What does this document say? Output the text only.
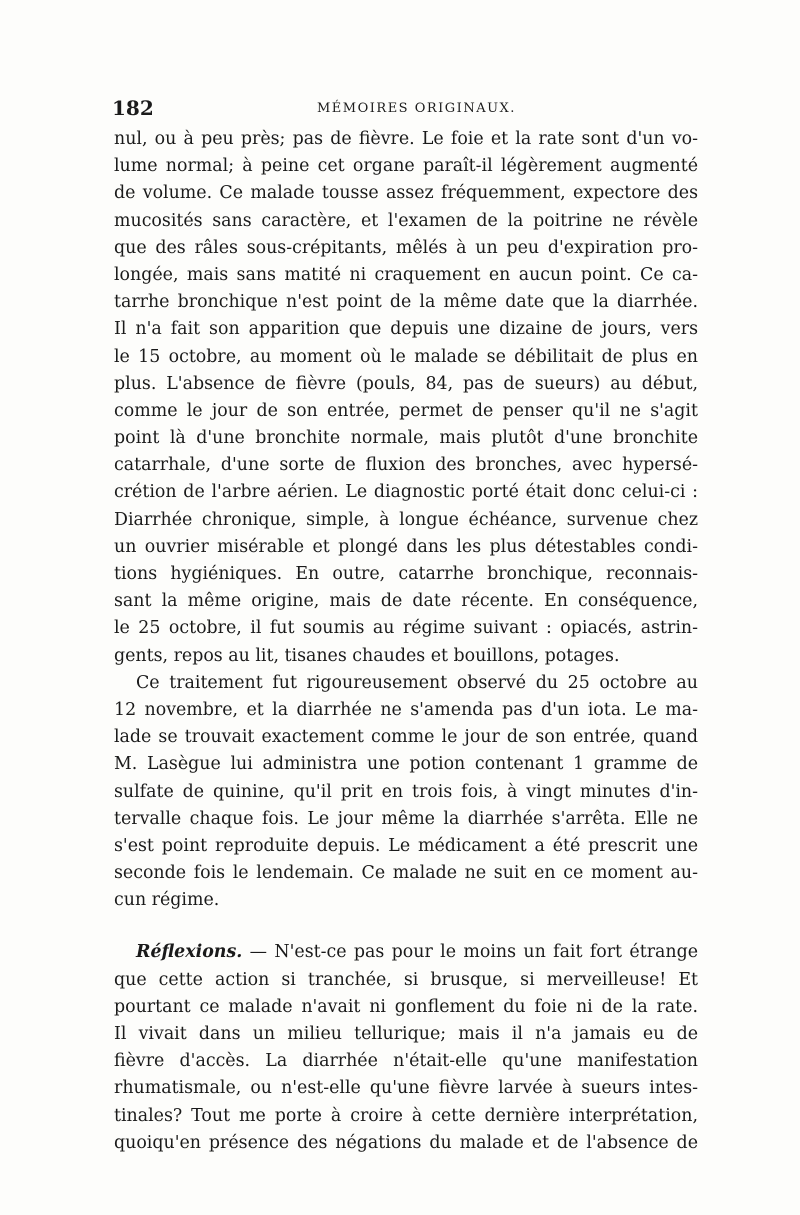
182	MÉMOIRES ORIGINAUX.
nul, ou à peu près; pas de fièvre. Le foie et la rate sont d'un vo-
lume normal; à peine cet organe paraît-il légèrement augmenté
de volume. Ce malade tousse assez fréquemment, expectore des
mucosités sans caractère, et l'examen de la poitrine ne révèle
que des râles sous-crépitants, mêlés à un peu d'expiration pro-
longée, mais sans matité ni craquement en aucun point. Ce ca-
tarrhe bronchique n'est point de la même date que la diarrhée.
Il n'a fait son apparition que depuis une dizaine de jours, vers
le 15 octobre, au moment où le malade se débilitait de plus en
plus. L'absence de fièvre (pouls, 84, pas de sueurs) au début,
comme le jour de son entrée, permet de penser qu'il ne s'agit
point là d'une bronchite normale, mais plutôt d'une bronchite
catarrhale, d'une sorte de fluxion des bronches, avec hypersé-
crétion de l'arbre aérien. Le diagnostic porté était donc celui-ci :
Diarrhée chronique, simple, à longue échéance, survenue chez
un ouvrier misérable et plongé dans les plus détestables condi-
tions hygiéniques. En outre, catarrhe bronchique, reconnais-
sant la même origine, mais de date récente. En conséquence,
le 25 octobre, il fut soumis au régime suivant : opiacés, astrin-
gents, repos au lit, tisanes chaudes et bouillons, potages.
Ce traitement fut rigoureusement observé du 25 octobre au
12 novembre, et la diarrhée ne s'amenda pas d'un iota. Le ma-
lade se trouvait exactement comme le jour de son entrée, quand
M. Lasègue lui administra une potion contenant 1 gramme de
sulfate de quinine, qu'il prit en trois fois, à vingt minutes d'in-
tervalle chaque fois. Le jour même la diarrhée s'arrêta. Elle ne
s'est point reproduite depuis. Le médicament a été prescrit une
seconde fois le lendemain. Ce malade ne suit en ce moment au-
cun régime.
Réflexions. — N'est-ce pas pour le moins un fait fort étrange
que cette action si tranchée, si brusque, si merveilleuse! Et
pourtant ce malade n'avait ni gonflement du foie ni de la rate.
Il vivait dans un milieu tellurique; mais il n'a jamais eu de
fièvre d'accès. La diarrhée n'était-elle qu'une manifestation
rhumatismale, ou n'est-elle qu'une fièvre larvée à sueurs intes-
tinales? Tout me porte à croire à cette dernière interprétation,
quoiqu'en présence des négations du malade et de l'absence de
